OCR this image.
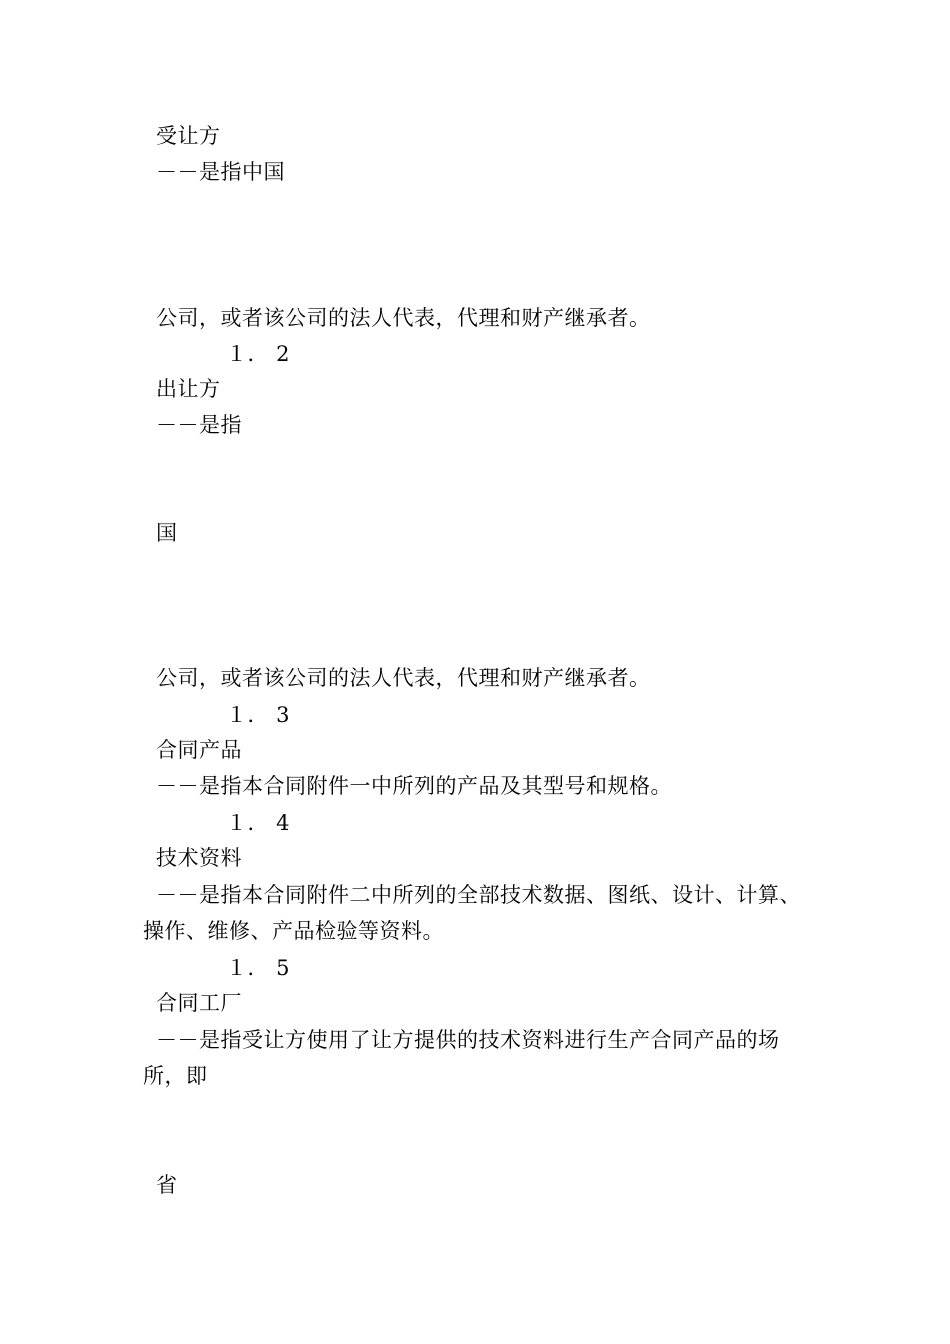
受让方
－－是指中国
公司，或者该公司的法人代表，代理和财产继承者。
１． 2
出让方
－－是指
国
公司，或者该公司的法人代表，代理和财产继承者。
１． 3
合同产品
－－是指本合同附件一中所列的产品及其型号和规格。
１． 4
技术资料
－－是指本合同附件二中所列的全部技术数据、图纸、设计、计算、
操作、维修、产品检验等资料。
１． 5
合同工厂
－－是指受让方使用了让方提供的技术资料进行生产合同产品的场
所，即
省
